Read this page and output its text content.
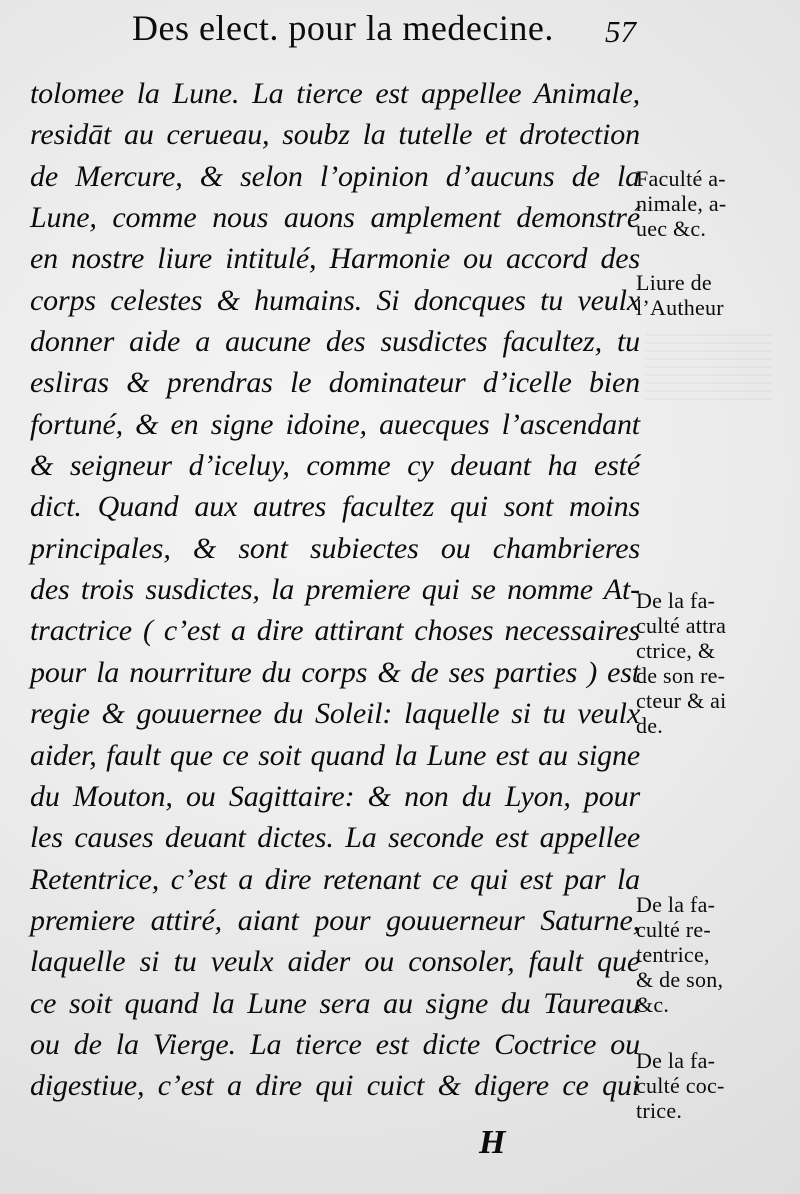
Des elect. pour la medecine. 57
tolomee la Lune. La tierce est appellee Animale,
residāt au cerueau, soubz la tutelle et drotection
de Mercure, & selon l’opinion d’aucuns de la
Lune, comme nous auons amplement demonstré
en nostre liure intitulé, Harmonie ou accord des
corps celestes & humains. Si doncques tu veulx
donner aide a aucune des susdictes facultez, tu
esliras & prendras le dominateur d’icelle bien
fortuné, & en signe idoine, auecques l’ascendant
& seigneur d’iceluy, comme cy deuant ha esté
dict. Quand aux autres facultez qui sont moins
principales, & sont subiectes ou chambrieres
des trois susdictes, la premiere qui se nomme At-
tractrice ( c’est a dire attirant choses necessaires
pour la nourriture du corps & de ses parties ) est
regie & gouuernee du Soleil: laquelle si tu veulx
aider, fault que ce soit quand la Lune est au signe
du Mouton, ou Sagittaire: & non du Lyon, pour
les causes deuant dictes. La seconde est appellee
Retentrice, c’est a dire retenant ce qui est par la
premiere attiré, aiant pour gouuerneur Saturne,
laquelle si tu veulx aider ou consoler, fault que
ce soit quand la Lune sera au signe du Taureau
ou de la Vierge. La tierce est dicte Coctrice ou
digestiue, c’est a dire qui cuict & digere ce qui
Faculté a-
nimale, a-
uec &c.
Liure de
l’Autheur
De la fa-
culté attra
ctrice, &
de son re-
cteur & ai
de.
De la fa-
culté re-
tentrice,
& de son,
&c.
De la fa-
culté coc-
trice.
H
